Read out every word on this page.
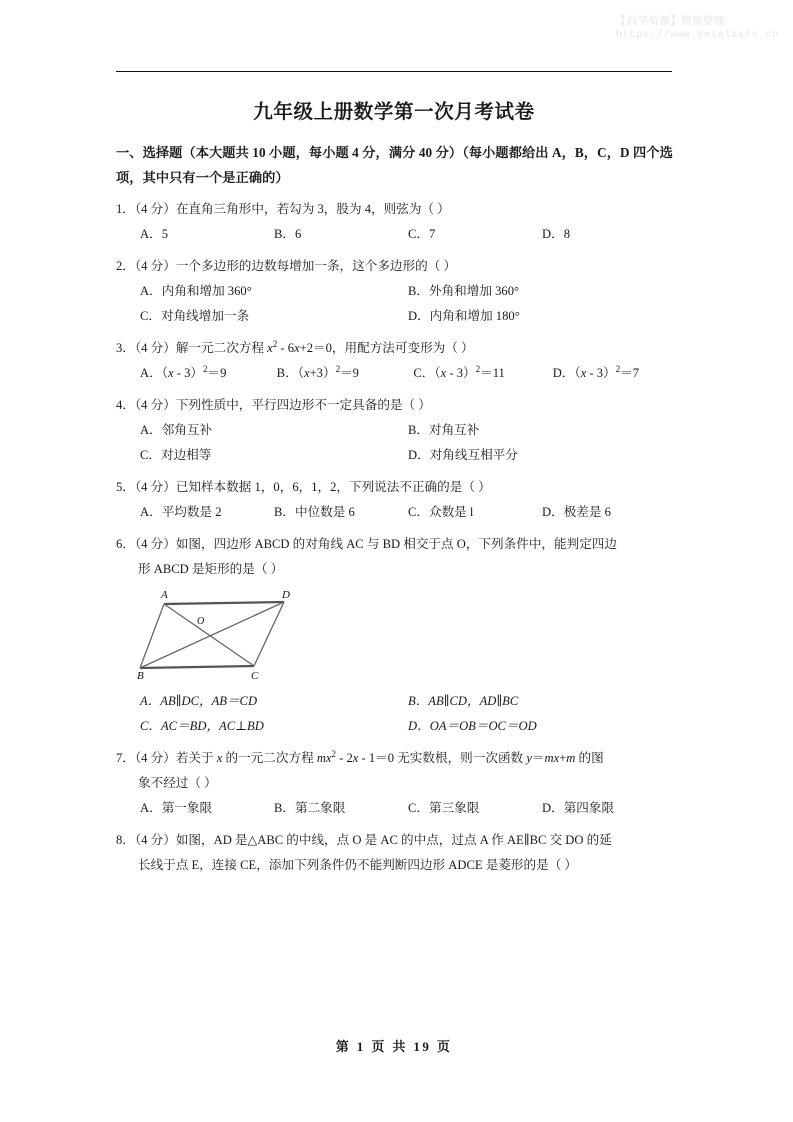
【尚学资源】搜集整理:
https://www.datalists.cn
九年级上册数学第一次月考试卷
一、选择题（本大题共 10 小题，每小题 4 分，满分 40 分）（每小题都给出 A，B，C，D 四个选项，其中只有一个是正确的）
1．（4 分）在直角三角形中，若勾为 3，股为 4，则弦为（ ）
A．5	B．6	C．7	D．8
2．（4 分）一个多边形的边数每增加一条，这个多边形的（ ）
A．内角和增加 360°	B．外角和增加 360°
C．对角线增加一条	D．内角和增加 180°
3．（4 分）解一元二次方程 $x^2 - 6x+2=0$，用配方法可变形为（ ）
A．（x - 3）$^2$＝9	B．$(x+3)^2=9$	C．（x - 3）$^2$＝11	D．（x - 3）$^2$＝7
4．（4 分）下列性质中，平行四边形不一定具备的是（ ）
A．邻角互补	B．对角互补
C．对边相等	D．对角线互相平分
5．（4 分）已知样本数据 1，0，6，1，2，下列说法不正确的是（ ）
A．平均数是 2	B．中位数是 6	C．众数是 l	D．极差是 6
6．（4 分）如图，四边形 ABCD 的对角线 AC 与 BD 相交于点 O，下列条件中，能判定四边
形 ABCD 是矩形的是（ ）
A
B	C
D
O
A．AB∥DC，AB＝CD	B．AB∥CD，AD∥BC
C．AC＝BD，AC⊥BD	D．OA＝OB＝OC＝OD
7．（4 分）若关于 x 的一元二次方程 $mx^2 - 2x - 1=0$ 无实数根，则一次函数 y＝mx+m 的图
象不经过（ ）
A．第一象限	B．第二象限	C．第三象限	D．第四象限
8．（4 分）如图，AD 是△ABC 的中线，点 O 是 AC 的中点，过点 A 作 AE∥BC 交 DO 的延
长线于点 E，连接 CE，添加下列条件仍不能判断四边形 ADCE 是菱形的是（ ）
第 1 页 共 19 页
